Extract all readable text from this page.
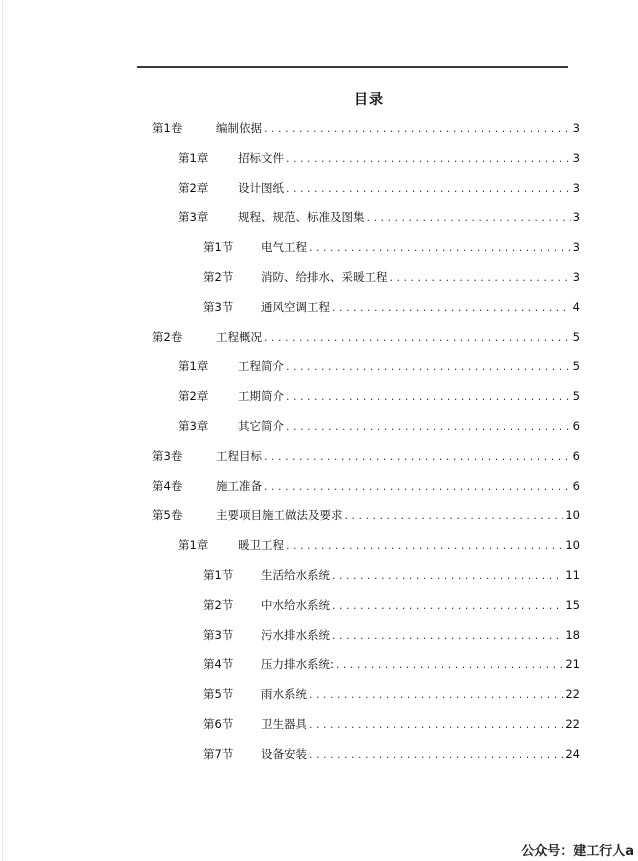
目录
第1卷	编制依据 . . .	3
第1章	招标文件 . . .	3
第2章	设计图纸 . . .	3
第3章	规程、规范、标准及图集 . . .	3
第1节	电气工程 . . .	3
第2节	消防、给排水、采暖工程 . . .	3
第3节	通风空调工程 . . .	4
第2卷	工程概况 . . .	5
第1章	工程简介 . . .	5
第2章	工期简介 . . .	5
第3章	其它简介 . . .	6
第3卷	工程目标 . . .	6
第4卷	施工准备 . . .	6
第5卷	主要项目施工做法及要求 . . .	10
第1章	暖卫工程 . . .	10
第1节	生活给水系统 . . .	11
第2节	中水给水系统 . . .	15
第3节	污水排水系统 . . .	18
第4节	压力排水系统: . . .	21
第5节	雨水系统 . . .	22
第6节	卫生器具 . . .	22
第7节	设备安装 . . .	24
公众号：建工行人a
